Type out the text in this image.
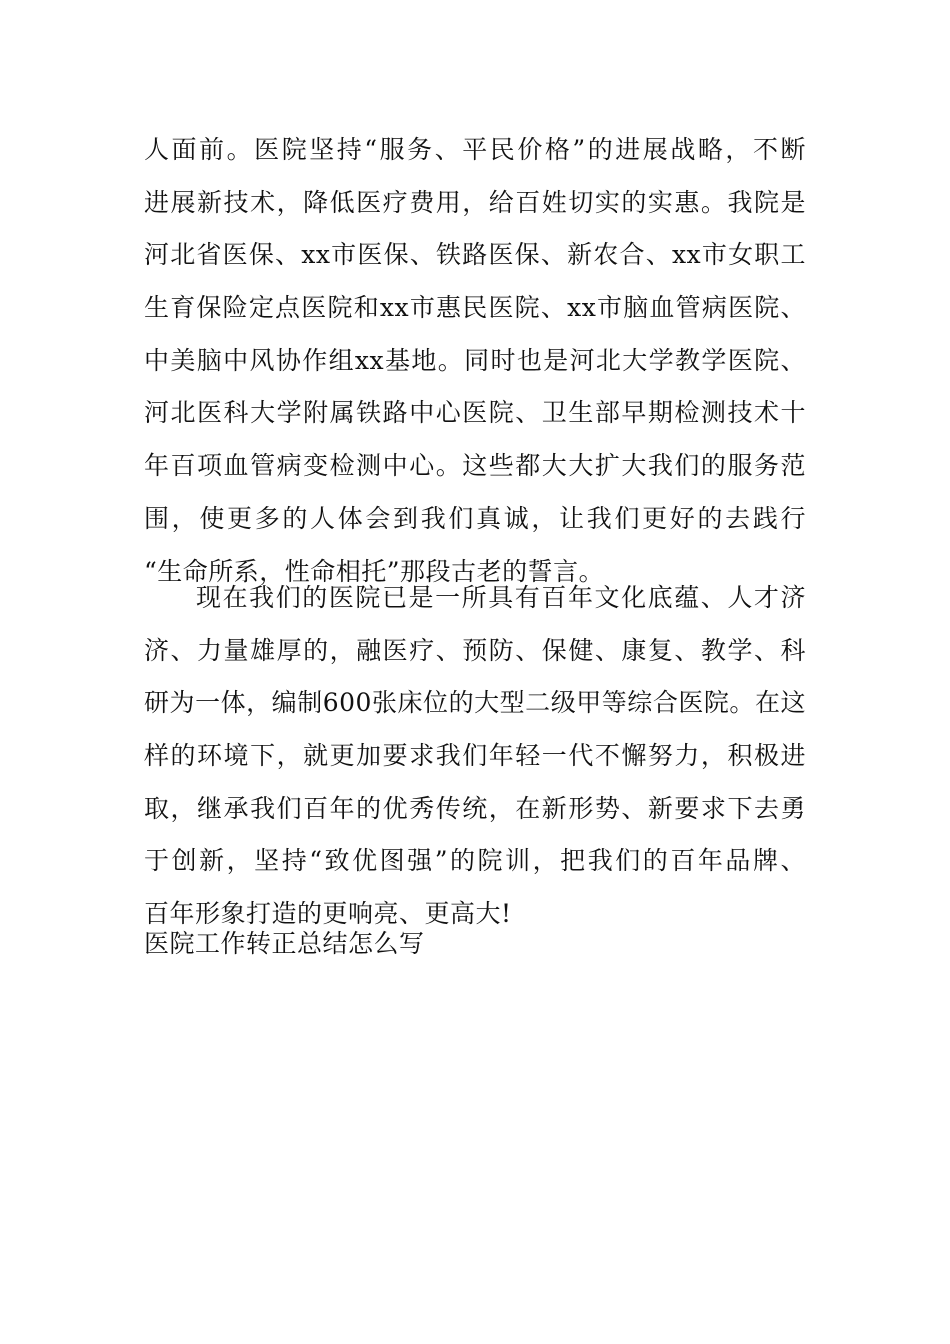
人面前。医院坚持“服务、平民价格”的进展战略，不断
进展新技术，降低医疗费用，给百姓切实的实惠。我院是
河北省医保、xx市医保、铁路医保、新农合、xx市女职工
生育保险定点医院和xx市惠民医院、xx市脑血管病医院、
中美脑中风协作组xx基地。同时也是河北大学教学医院、
河北医科大学附属铁路中心医院、卫生部早期检测技术十
年百项血管病变检测中心。这些都大大扩大我们的服务范
围，使更多的人体会到我们真诚，让我们更好的去践行
“生命所系，性命相托”那段古老的誓言。
现在我们的医院已是一所具有百年文化底蕴、人才济
济、力量雄厚的，融医疗、预防、保健、康复、教学、科
研为一体，编制600张床位的大型二级甲等综合医院。在这
样的环境下，就更加要求我们年轻一代不懈努力，积极进
取，继承我们百年的优秀传统，在新形势、新要求下去勇
于创新，坚持“致优图强”的院训，把我们的百年品牌、
百年形象打造的更响亮、更高大!
医院工作转正总结怎么写
